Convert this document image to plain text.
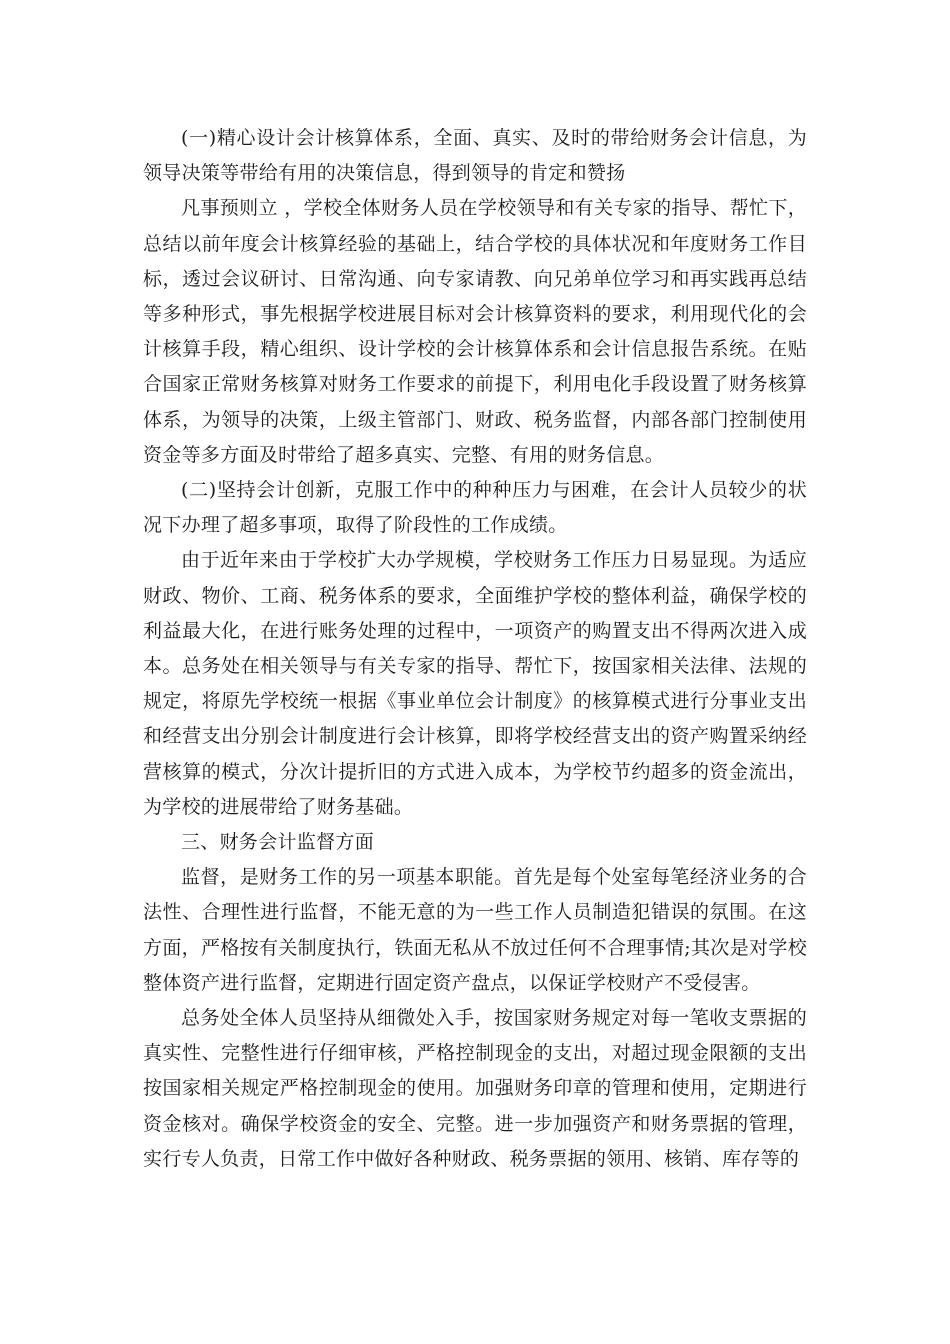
(一)精心设计会计核算体系，全面、真实、及时的带给财务会计信息，为领导决策等带给有用的决策信息，得到领导的肯定和赞扬

凡事预则立 ，学校全体财务人员在学校领导和有关专家的指导、帮忙下，总结以前年度会计核算经验的基础上，结合学校的具体状况和年度财务工作目标，透过会议研讨、日常沟通、向专家请教、向兄弟单位学习和再实践再总结等多种形式，事先根据学校进展目标对会计核算资料的要求，利用现代化的会计核算手段，精心组织、设计学校的会计核算体系和会计信息报告系统。在贴合国家正常财务核算对财务工作要求的前提下，利用电化手段设置了财务核算体系，为领导的决策，上级主管部门、财政、税务监督，内部各部门控制使用资金等多方面及时带给了超多真实、完整、有用的财务信息。

(二)坚持会计创新，克服工作中的种种压力与困难，在会计人员较少的状况下办理了超多事项，取得了阶段性的工作成绩。

由于近年来由于学校扩大办学规模，学校财务工作压力日易显现。为适应财政、物价、工商、税务体系的要求，全面维护学校的整体利益，确保学校的利益最大化，在进行账务处理的过程中，一项资产的购置支出不得两次进入成本。总务处在相关领导与有关专家的指导、帮忙下，按国家相关法律、法规的规定，将原先学校统一根据《事业单位会计制度》的核算模式进行分事业支出和经营支出分别会计制度进行会计核算，即将学校经营支出的资产购置采纳经营核算的模式，分次计提折旧的方式进入成本，为学校节约超多的资金流出，为学校的进展带给了财务基础。

三、财务会计监督方面

监督，是财务工作的另一项基本职能。首先是每个处室每笔经济业务的合法性、合理性进行监督，不能无意的为一些工作人员制造犯错误的氛围。在这方面，严格按有关制度执行，铁面无私从不放过任何不合理事情;其次是对学校整体资产进行监督，定期进行固定资产盘点，以保证学校财产不受侵害。

总务处全体人员坚持从细微处入手，按国家财务规定对每一笔收支票据的真实性、完整性进行仔细审核，严格控制现金的支出，对超过现金限额的支出按国家相关规定严格控制现金的使用。加强财务印章的管理和使用，定期进行资金核对。确保学校资金的安全、完整。进一步加强资产和财务票据的管理，实行专人负责，日常工作中做好各种财政、税务票据的领用、核销、库存等的
